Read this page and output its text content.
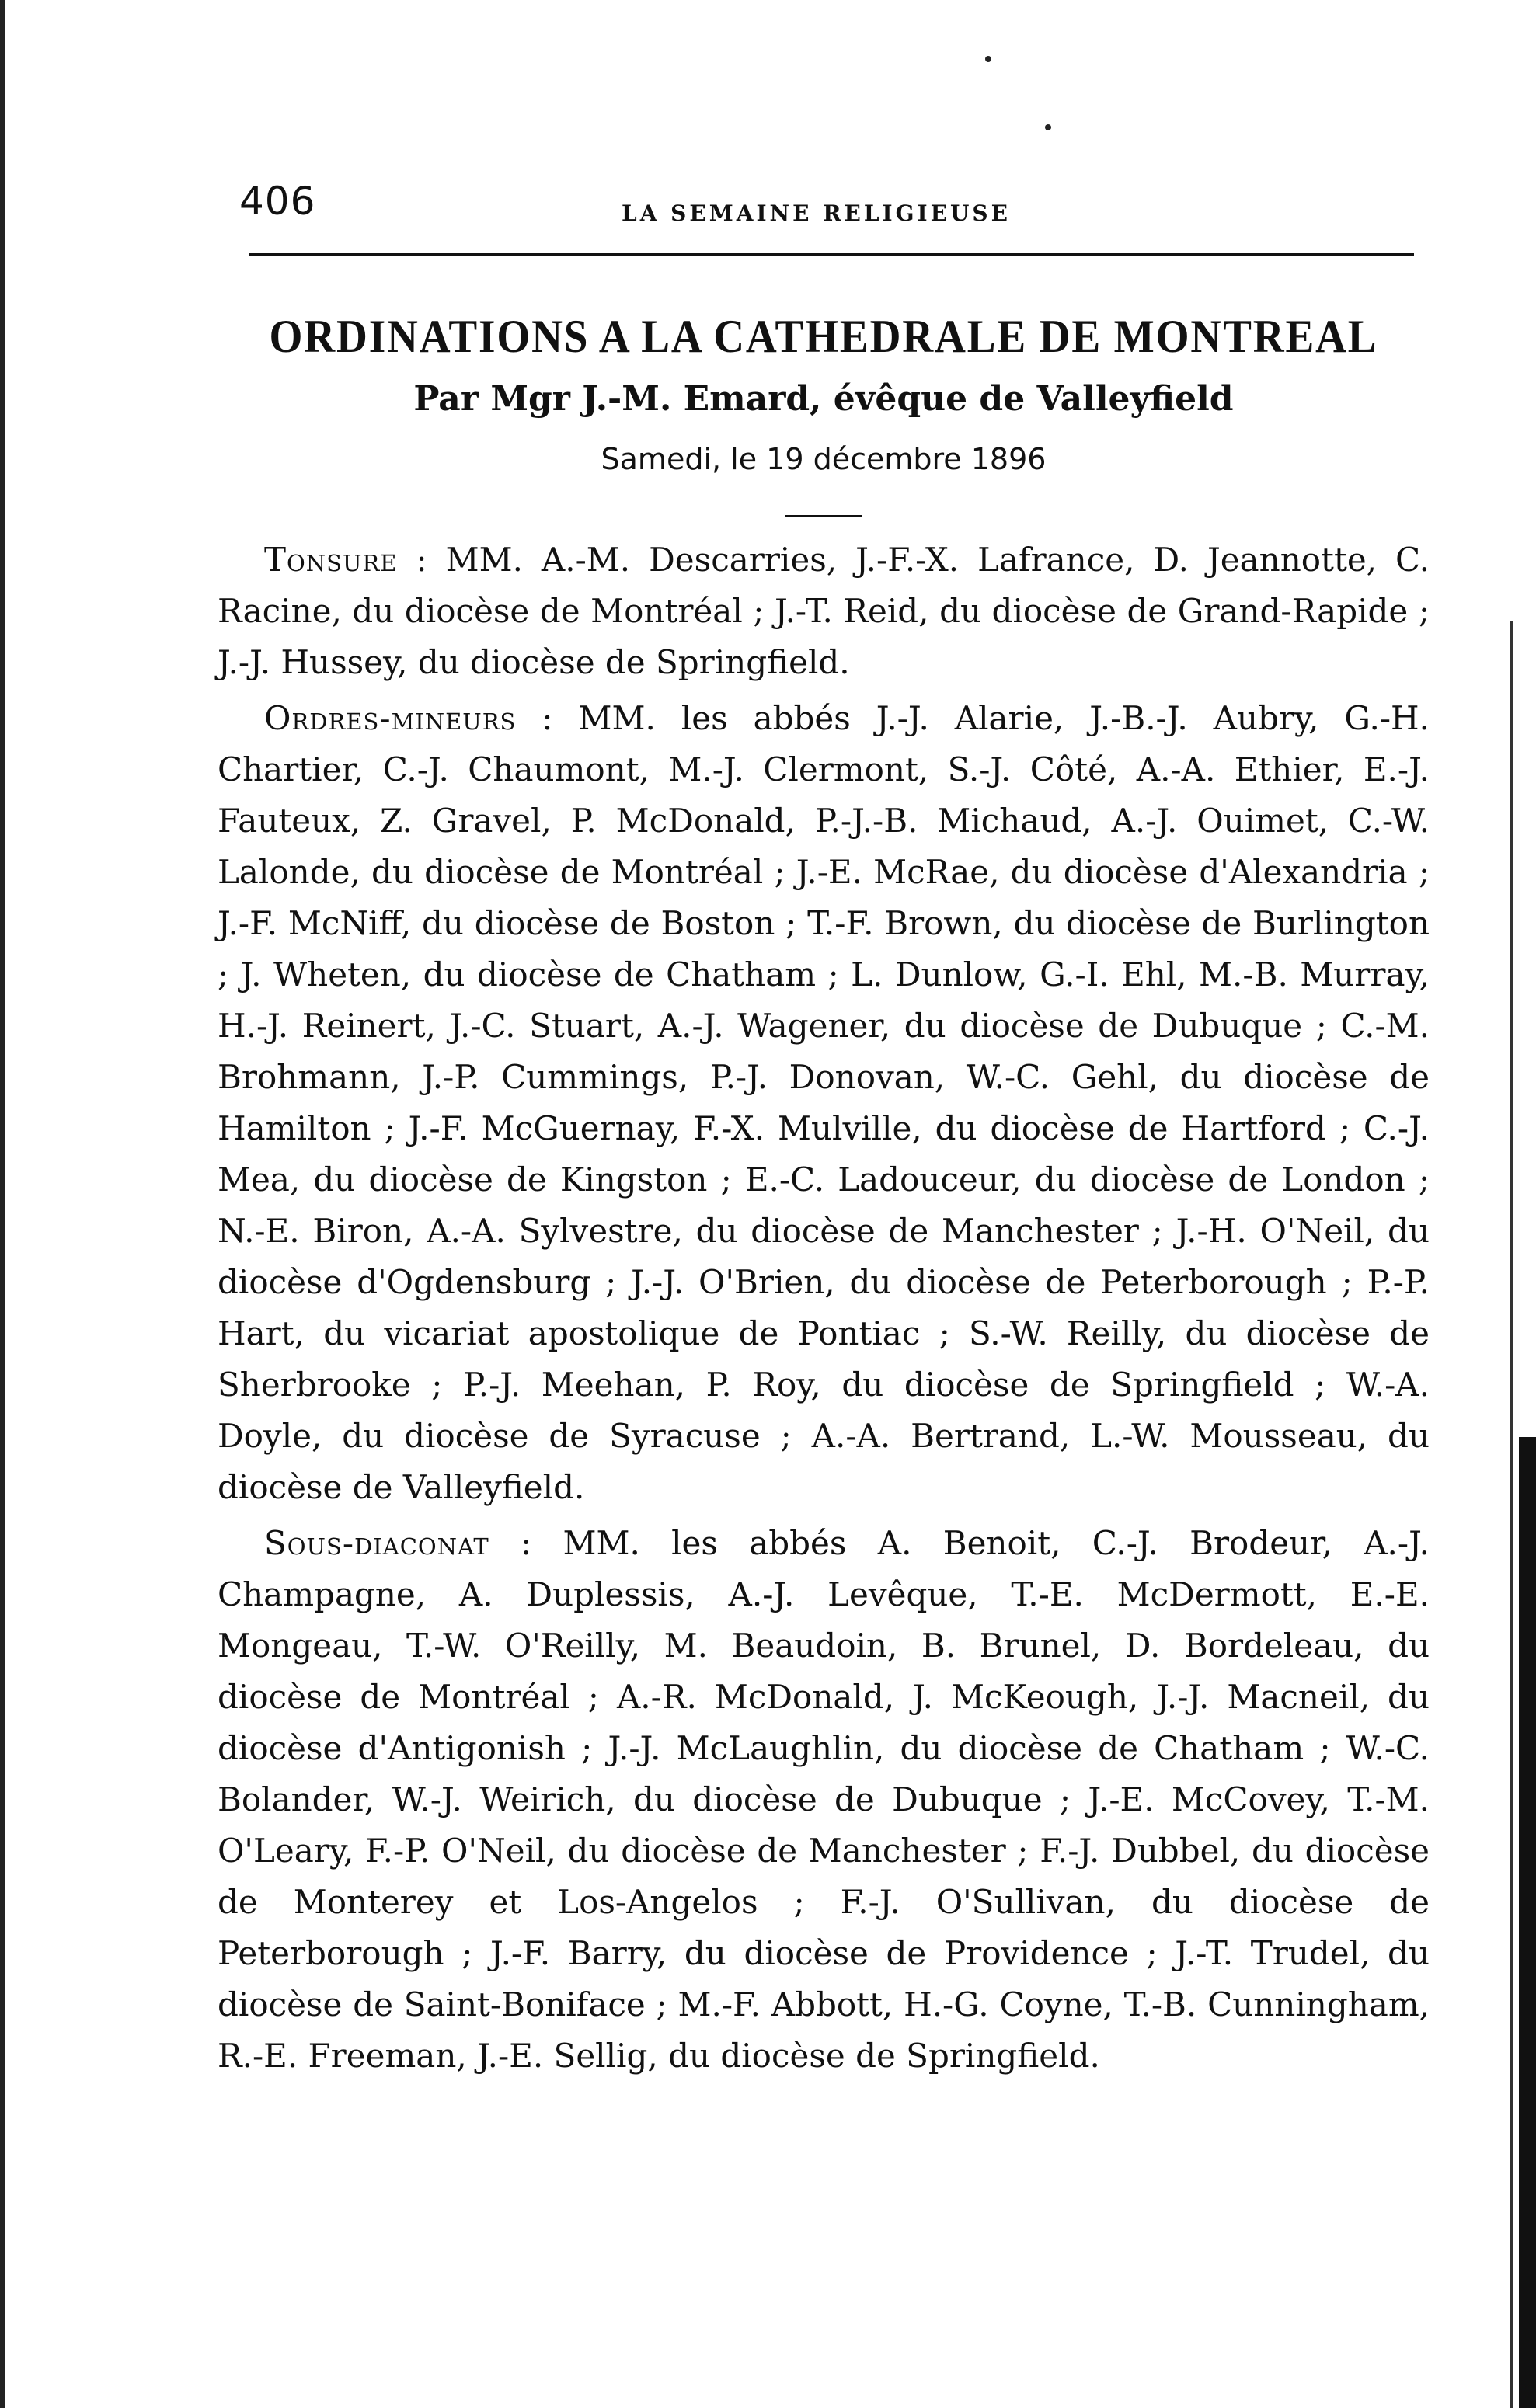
406	LA SEMAINE RELIGIEUSE
ORDINATIONS A LA CATHEDRALE DE MONTREAL
Par Mgr J.-M. Emard, évêque de Valleyfield
Samedi, le 19 décembre 1896

Tonsure : MM. A.-M. Descarries, J.-F.-X. Lafrance, D. Jeannotte, C. Racine, du diocèse de Montréal ; J.-T. Reid, du diocèse de Grand-Rapide ; J.-J. Hussey, du diocèse de Springfield.

Ordres-mineurs : MM. les abbés J.-J. Alarie, J.-B.-J. Aubry, G.-H. Chartier, C.-J. Chaumont, M.-J. Clermont, S.-J. Côté, A.-A. Ethier, E.-J. Fauteux, Z. Gravel, P. McDonald, P.-J.-B. Michaud, A.-J. Ouimet, C.-W. Lalonde, du diocèse de Montréal ; J.-E. McRae, du diocèse d'Alexandria ; J.-F. McNiff, du diocèse de Boston ; T.-F. Brown, du diocèse de Burlington ; J. Wheten, du diocèse de Chatham ; L. Dunlow, G.-I. Ehl, M.-B. Murray, H.-J. Reinert, J.-C. Stuart, A.-J. Wagener, du diocèse de Dubuque ; C.-M. Brohmann, J.-P. Cummings, P.-J. Donovan, W.-C. Gehl, du diocèse de Hamilton ; J.-F. McGuernay, F.-X. Mulville, du diocèse de Hartford ; C.-J. Mea, du diocèse de Kingston ; E.-C. Ladouceur, du diocèse de London ; N.-E. Biron, A.-A. Sylvestre, du diocèse de Manchester ; J.-H. O'Neil, du diocèse d'Ogdensburg ; J.-J. O'Brien, du diocèse de Peterborough ; P.-P. Hart, du vicariat apostolique de Pontiac ; S.-W. Reilly, du diocèse de Sherbrooke ; P.-J. Meehan, P. Roy, du diocèse de Springfield ; W.-A. Doyle, du diocèse de Syracuse ; A.-A. Bertrand, L.-W. Mousseau, du diocèse de Valleyfield.

Sous-diaconat : MM. les abbés A. Benoit, C.-J. Brodeur, A.-J. Champagne, A. Duplessis, A.-J. Levêque, T.-E. McDermott, E.-E. Mongeau, T.-W. O'Reilly, M. Beaudoin, B. Brunel, D. Bordeleau, du diocèse de Montréal ; A.-R. McDonald, J. McKeough, J.-J. Macneil, du diocèse d'Antigonish ; J.-J. McLaughlin, du diocèse de Chatham ; W.-C. Bolander, W.-J. Weirich, du diocèse de Dubuque ; J.-E. McCovey, T.-M. O'Leary, F.-P. O'Neil, du diocèse de Manchester ; F.-J. Dubbel, du diocèse de Monterey et Los-Angelos ; F.-J. O'Sullivan, du diocèse de Peterborough ; J.-F. Barry, du diocèse de Providence ; J.-T. Trudel, du diocèse de Saint-Boniface ; M.-F. Abbott, H.-G. Coyne, T.-B. Cunningham, R.-E. Freeman, J.-E. Sellig, du diocèse de Springfield.
